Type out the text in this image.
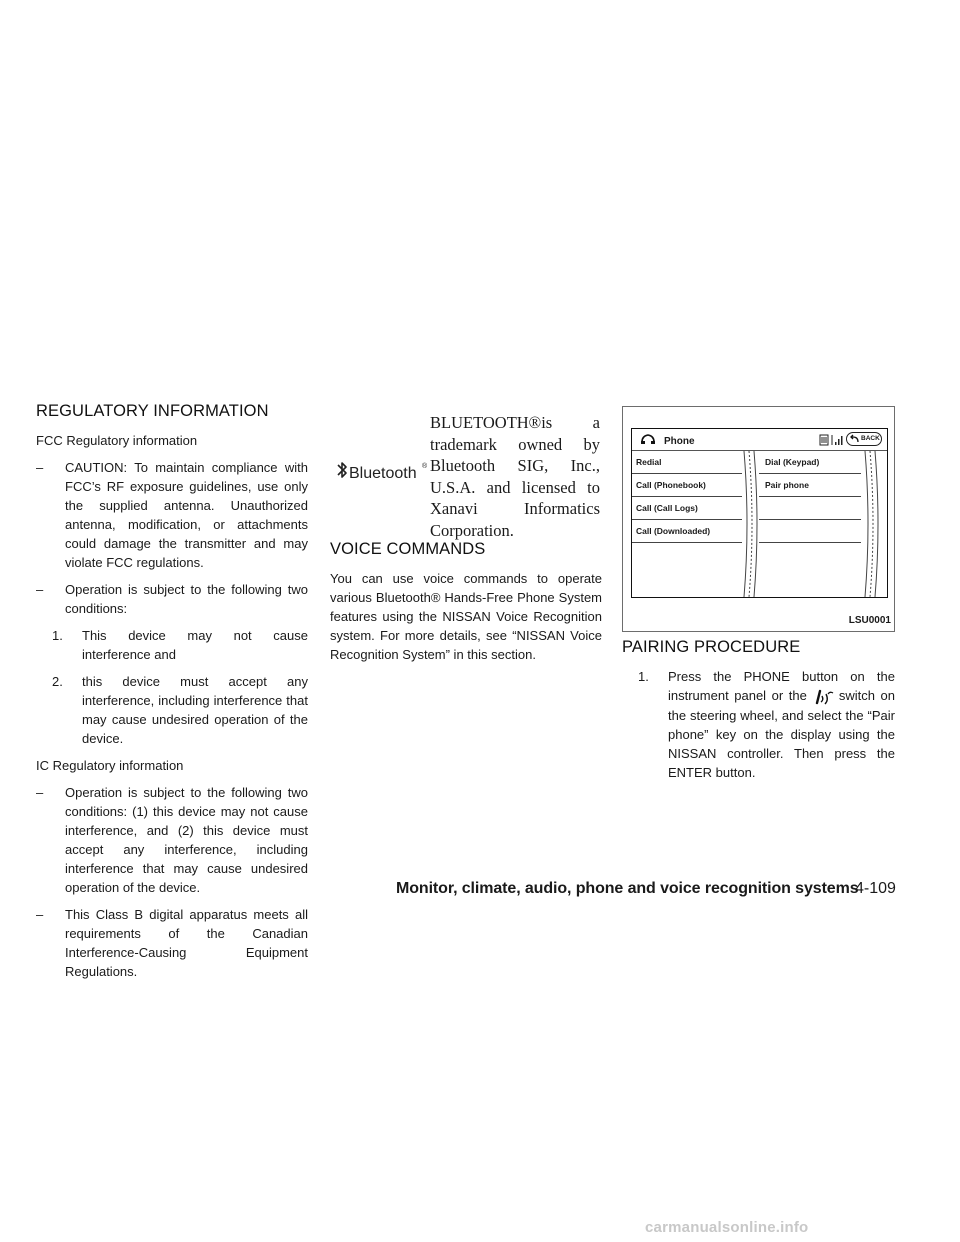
REGULATORY INFORMATION

FCC Regulatory information

– CAUTION: To maintain compliance with FCC’s RF exposure guidelines, use only the supplied antenna. Unauthorized antenna, modification, or attachments could damage the transmitter and may violate FCC regulations.

– Operation is subject to the following two conditions:

1. This device may not cause interference and

2. this device must accept any interference, including interference that may cause undesired operation of the device.

IC Regulatory information

– Operation is subject to the following two conditions: (1) this device may not cause interference, and (2) this device must accept any interference, including interference that may cause undesired operation of the device.

– This Class B digital apparatus meets all requirements of the Canadian Interference-Causing Equipment Regulations.

Bluetooth ®

BLUETOOTH®is a trademark owned by Bluetooth SIG, Inc., U.S.A. and licensed to Xanavi Informatics Corporation.

VOICE COMMANDS

You can use voice commands to operate various Bluetooth® Hands-Free Phone System features using the NISSAN Voice Recognition system. For more details, see “NISSAN Voice Recognition System” in this section.

Phone	BACK
Redial
Call (Phonebook)
Call (Call Logs)
Call (Downloaded)
Dial (Keypad)
Pair phone
LSU0001
PAIRING PROCEDURE

1. Press the PHONE button on the instrument panel or the switch on the steering wheel, and select the “Pair phone” key on the display using the NISSAN controller. Then press the ENTER button.

Monitor, climate, audio, phone and voice recognition systems
4-109
carmanualsonline.info
